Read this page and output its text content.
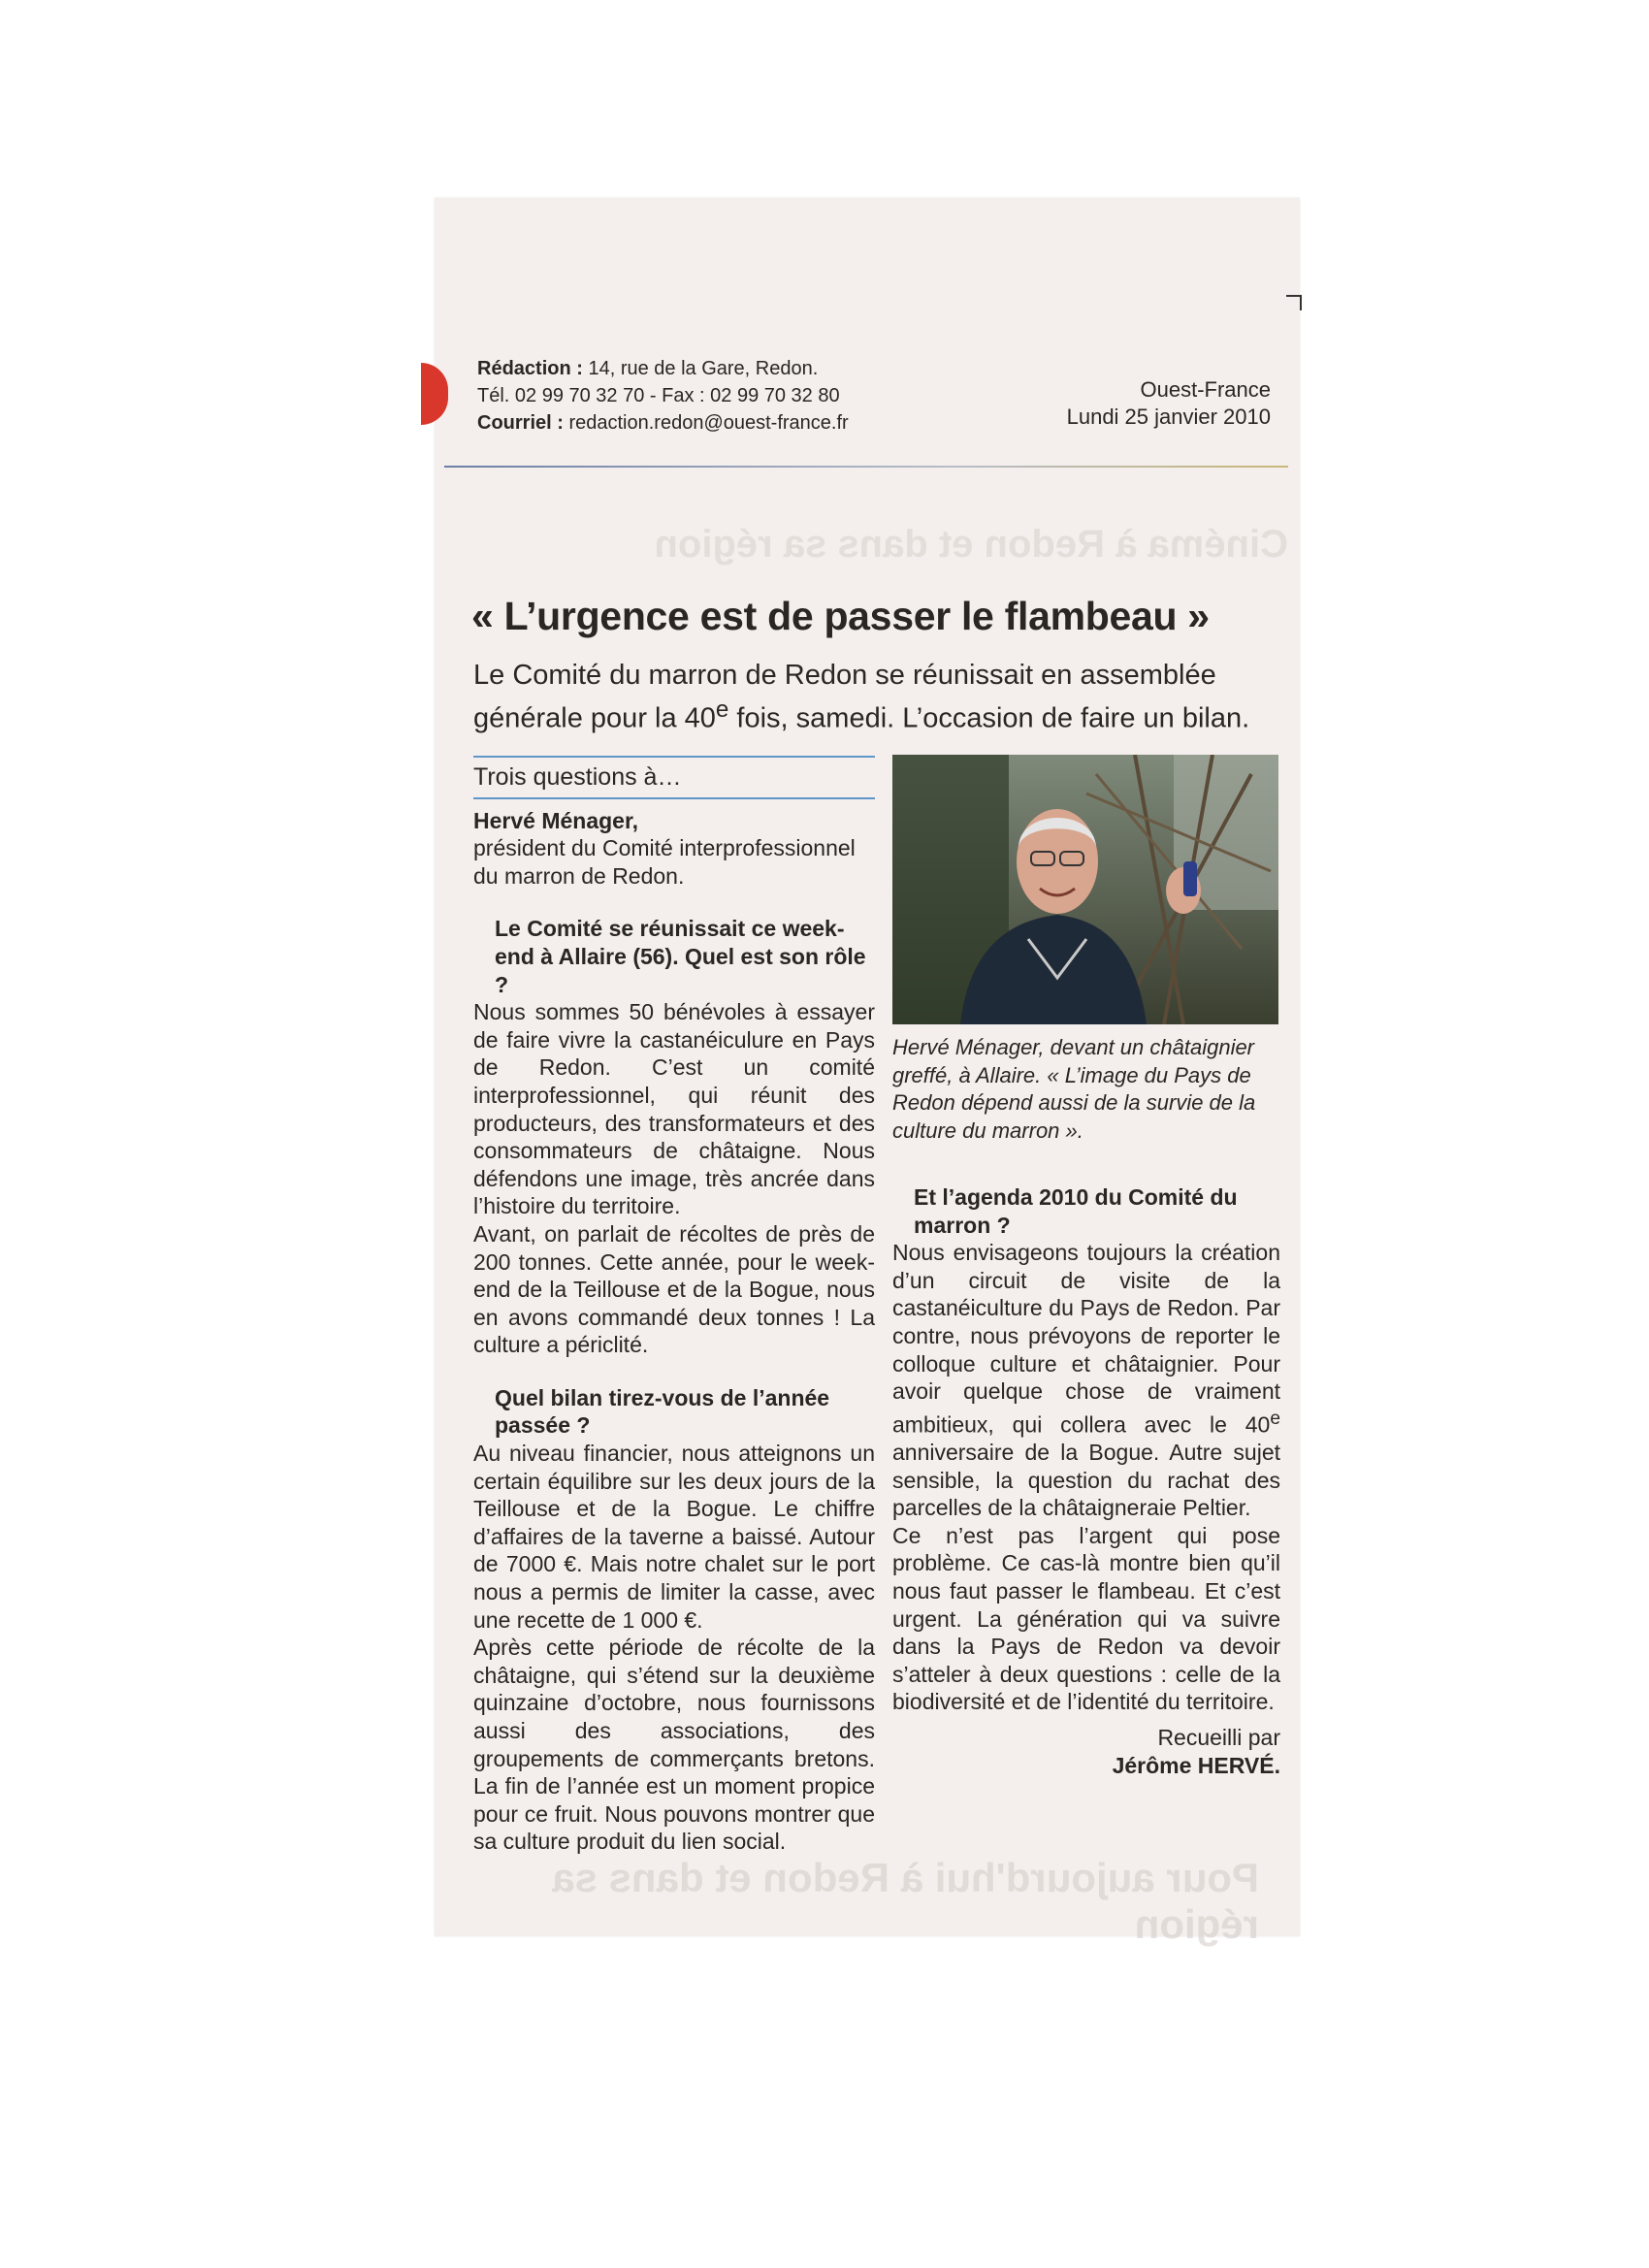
Rédaction : 14, rue de la Gare, Redon.
Tél. 02 99 70 32 70 - Fax : 02 99 70 32 80
Courriel : redaction.redon@ouest-france.fr
Ouest-France
Lundi 25 janvier 2010
Cinéma à Redon et dans sa région
« L’urgence est de passer le flambeau »
Le Comité du marron de Redon se réunissait en assemblée générale pour la 40e fois, samedi. L’occasion de faire un bilan.
Trois questions à…

Hervé Ménager,

président du Comité interprofessionnel du marron de Redon.

Le Comité se réunissait ce week-end à Allaire (56). Quel est son rôle ?

Nous sommes 50 bénévoles à essayer de faire vivre la castanéiculure en Pays de Redon. C’est un comité interprofessionnel, qui réunit des producteurs, des transformateurs et des consommateurs de châtaigne. Nous défendons une image, très ancrée dans l’histoire du territoire.

Avant, on parlait de récoltes de près de 200 tonnes. Cette année, pour le week-end de la Teillouse et de la Bogue, nous en avons commandé deux tonnes ! La culture a périclité.

Quel bilan tirez-vous de l’année passée ?

Au niveau financier, nous atteignons un certain équilibre sur les deux jours de la Teillouse et de la Bogue. Le chiffre d’affaires de la taverne a baissé. Autour de 7000 €. Mais notre chalet sur le port nous a permis de limiter la casse, avec une recette de 1 000 €.

Après cette période de récolte de la châtaigne, qui s’étend sur la deuxième quinzaine d’octobre, nous fournissons aussi des associations, des groupements de commerçants bretons. La fin de l’année est un moment propice pour ce fruit. Nous pouvons montrer que sa culture produit du lien social.

Hervé Ménager, devant un châtaignier greffé, à Allaire. « L’image du Pays de Redon dépend aussi de la survie de la culture du marron ».

Et l’agenda 2010 du Comité du marron ?

Nous envisageons toujours la création d’un circuit de visite de la castanéiculture du Pays de Redon. Par contre, nous prévoyons de reporter le colloque culture et châtaignier. Pour avoir quelque chose de vraiment ambitieux, qui collera avec le 40e anniversaire de la Bogue. Autre sujet sensible, la question du rachat des parcelles de la châtaigneraie Peltier.

Ce n’est pas l’argent qui pose problème. Ce cas-là montre bien qu’il nous faut passer le flambeau. Et c’est urgent. La génération qui va suivre dans la Pays de Redon va devoir s’atteler à deux questions : celle de la biodiversité et de l’identité du territoire.

Recueilli par

Jérôme HERVÉ.

Pour aujourd'hui à Redon et dans sa région
